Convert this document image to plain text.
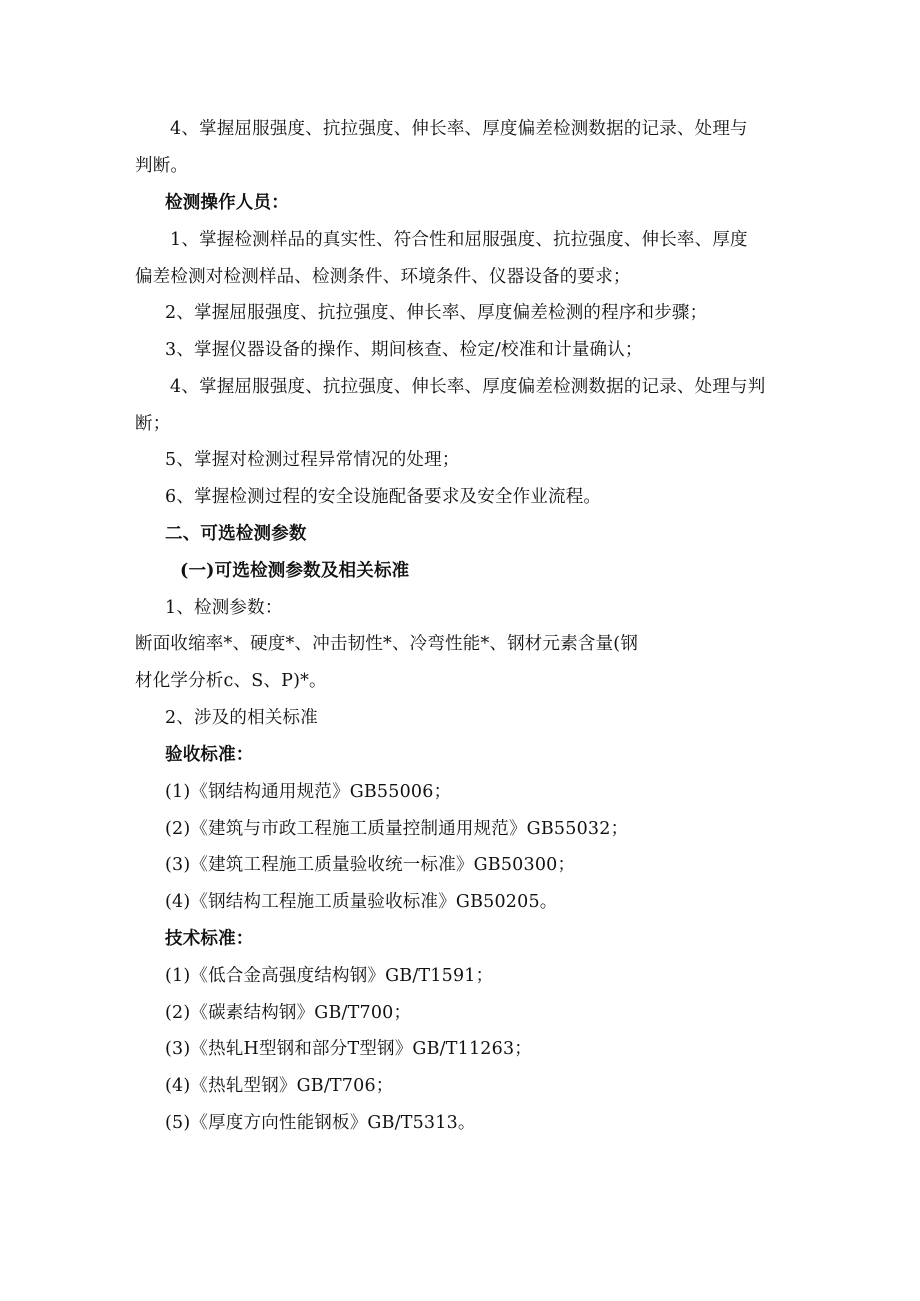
4、掌握屈服强度、抗拉强度、伸长率、厚度偏差检测数据的记录、处理与
判断。
检测操作人员：
1、掌握检测样品的真实性、符合性和屈服强度、抗拉强度、伸长率、厚度
偏差检测对检测样品、检测条件、环境条件、仪器设备的要求；
2、掌握屈服强度、抗拉强度、伸长率、厚度偏差检测的程序和步骤；
3、掌握仪器设备的操作、期间核查、检定/校准和计量确认；
4、掌握屈服强度、抗拉强度、伸长率、厚度偏差检测数据的记录、处理与判
断；
5、掌握对检测过程异常情况的处理；
6、掌握检测过程的安全设施配备要求及安全作业流程。
二、可选检测参数
(一)可选检测参数及相关标准
1、检测参数：
断面收缩率*、硬度*、冲击韧性*、冷弯性能*、钢材元素含量(钢
材化学分析c、S、P)*。
2、涉及的相关标准
验收标准：
(1)《钢结构通用规范》GB55006；
(2)《建筑与市政工程施工质量控制通用规范》GB55032；
(3)《建筑工程施工质量验收统一标准》GB50300；
(4)《钢结构工程施工质量验收标准》GB50205。
技术标准：
(1)《低合金高强度结构钢》GB/T1591；
(2)《碳素结构钢》GB/T700；
(3)《热轧H型钢和部分T型钢》GB/T11263；
(4)《热轧型钢》GB/T706；
(5)《厚度方向性能钢板》GB/T5313。
